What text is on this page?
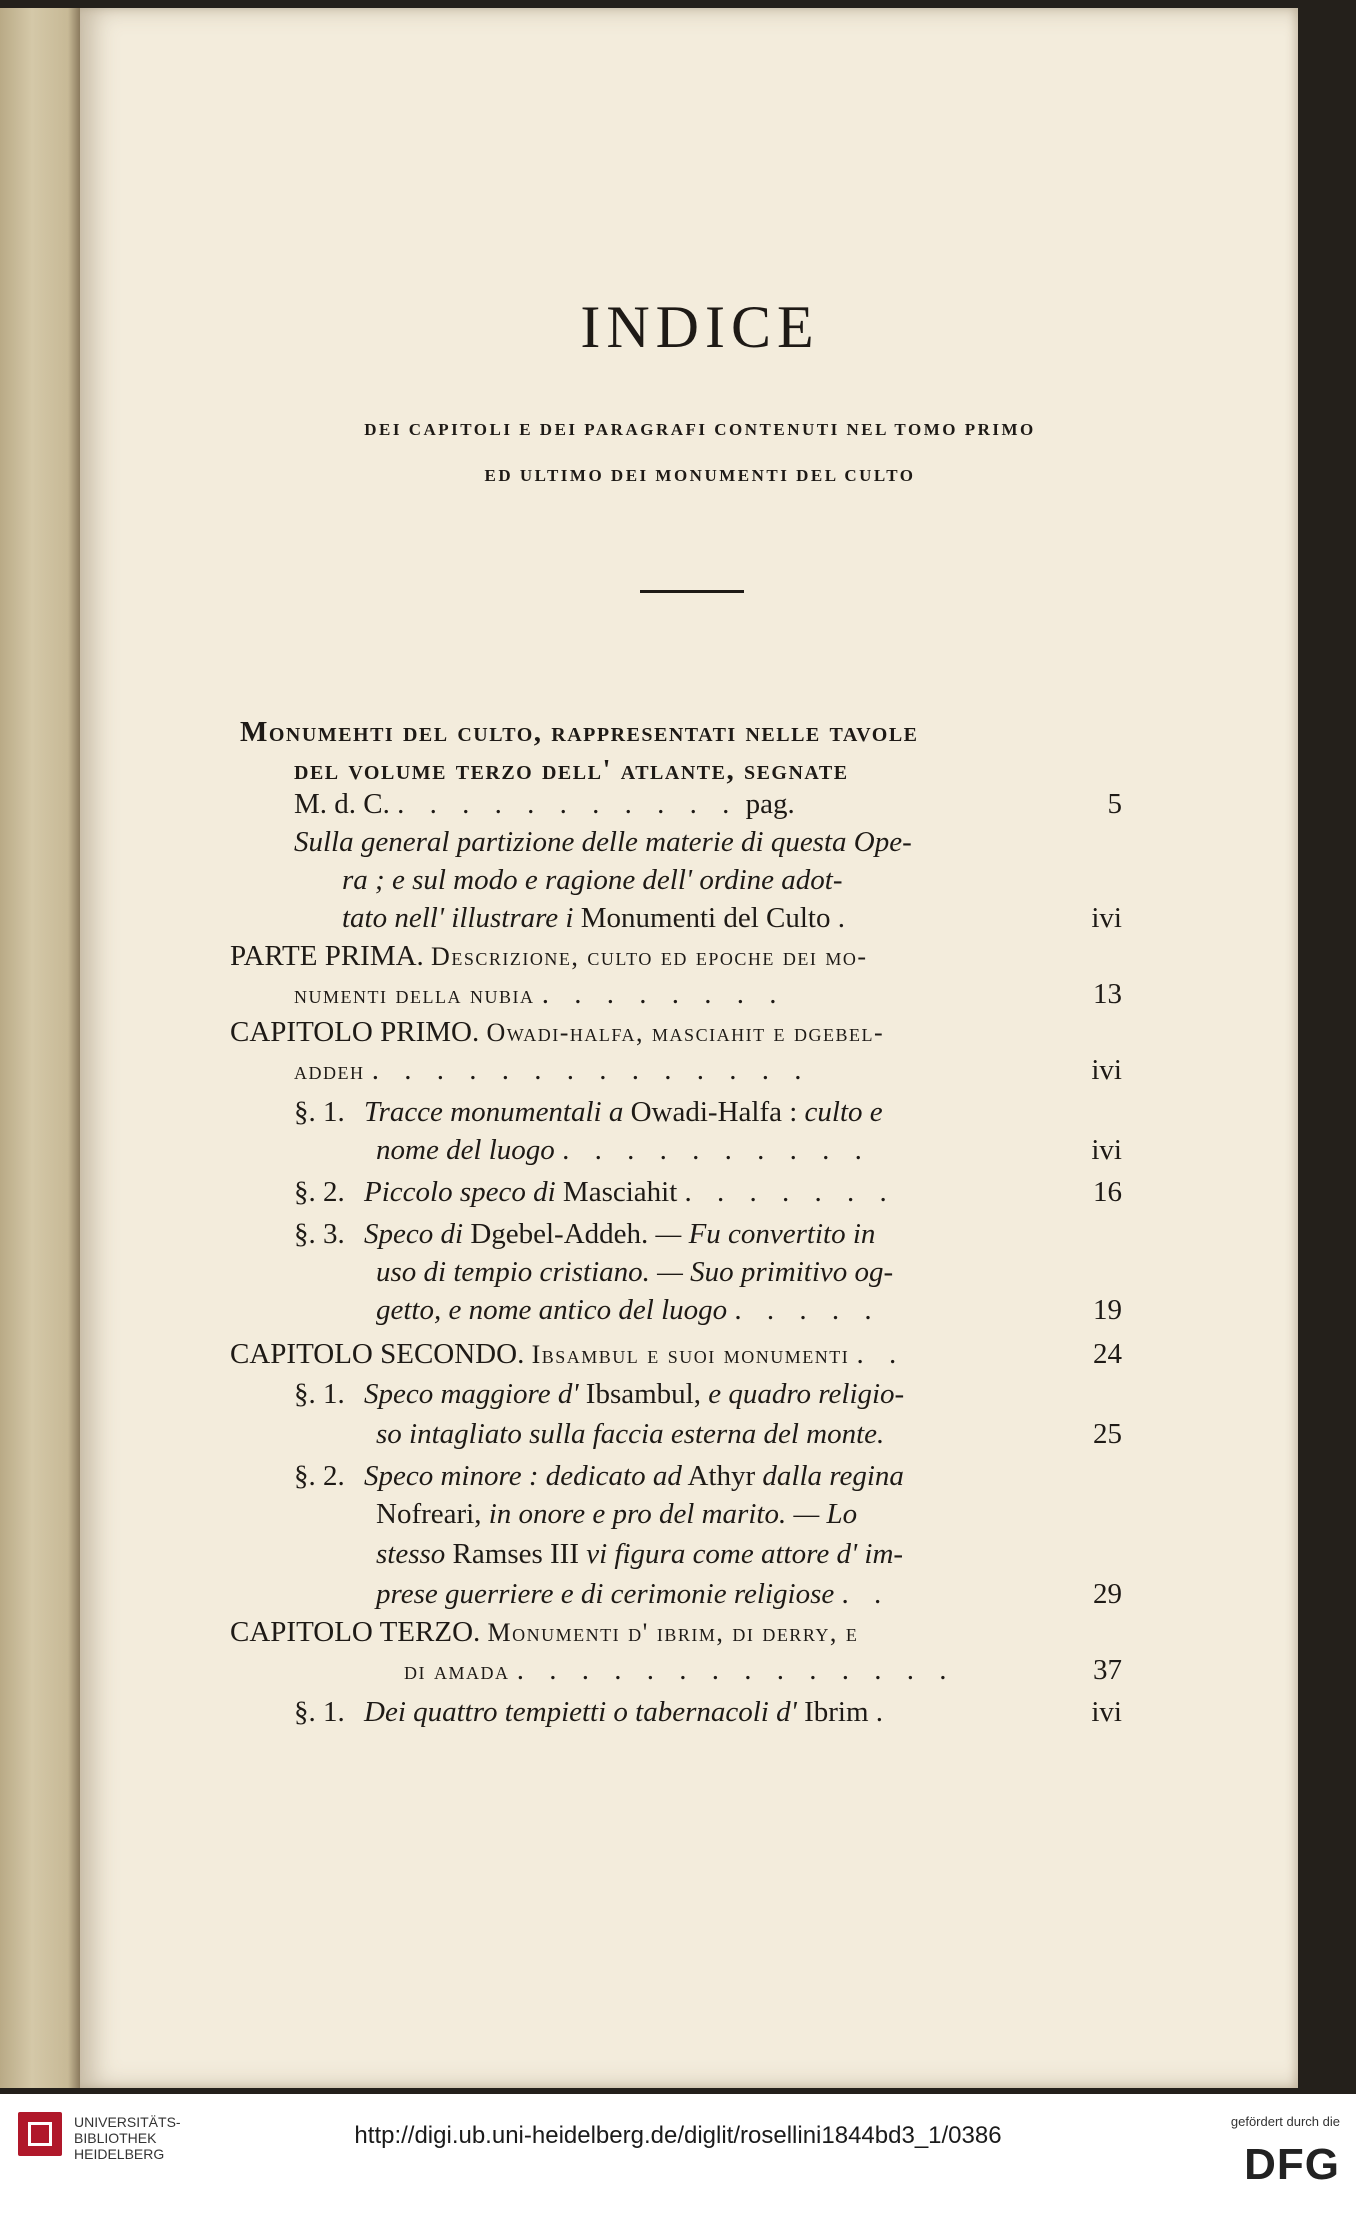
INDICE
DEI CAPITOLI E DEI PARAGRAFI CONTENUTI NEL TOMO PRIMO
ED ULTIMO DEI MONUMENTI DEL CULTO
Monumehti del culto, rappresentati nelle tavole
del volume terzo dell' atlante, segnate
M. d. C. . . . . . . . . . . . pag.	5
Sulla general partizione delle materie di questa Ope-
ra ; e sul modo e ragione dell' ordine adot-
tato nell' illustrare i Monumenti del Culto .	ivi
PARTE PRIMA. Descrizione, culto ed epoche dei mo-
numenti della nubia . . . . . . . .	13
CAPITOLO PRIMO. Owadi-halfa, masciahit e dgebel-
addeh . . . . . . . . . . . . . .	ivi
§. 1. Tracce monumentali a Owadi-Halfa : culto e
nome del luogo . . . . . . . . . .	ivi
§. 2. Piccolo speco di Masciahit . . . . . . .	16
§. 3. Speco di Dgebel-Addeh. — Fu convertito in
uso di tempio cristiano. — Suo primitivo og-
getto, e nome antico del luogo . . . . .	19
CAPITOLO SECONDO. Ibsambul e suoi monumenti . .	24
§. 1. Speco maggiore d' Ibsambul, e quadro religio-
so intagliato sulla faccia esterna del monte.	25
§. 2. Speco minore : dedicato ad Athyr dalla regina
Nofreari, in onore e pro del marito. — Lo
stesso Ramses III vi figura come attore d' im-
prese guerriere e di cerimonie religiose . .	29
CAPITOLO TERZO. Monumenti d' ibrim, di derry, e
di amada . . . . . . . . . . . . . .	37
§. 1. Dei quattro tempietti o tabernacoli d' Ibrim .	ivi
UNIVERSITÄTS-
BIBLIOTHEK
HEIDELBERG
http://digi.ub.uni-heidelberg.de/diglit/rosellini1844bd3_1/0386
gefördert durch die
DFG
